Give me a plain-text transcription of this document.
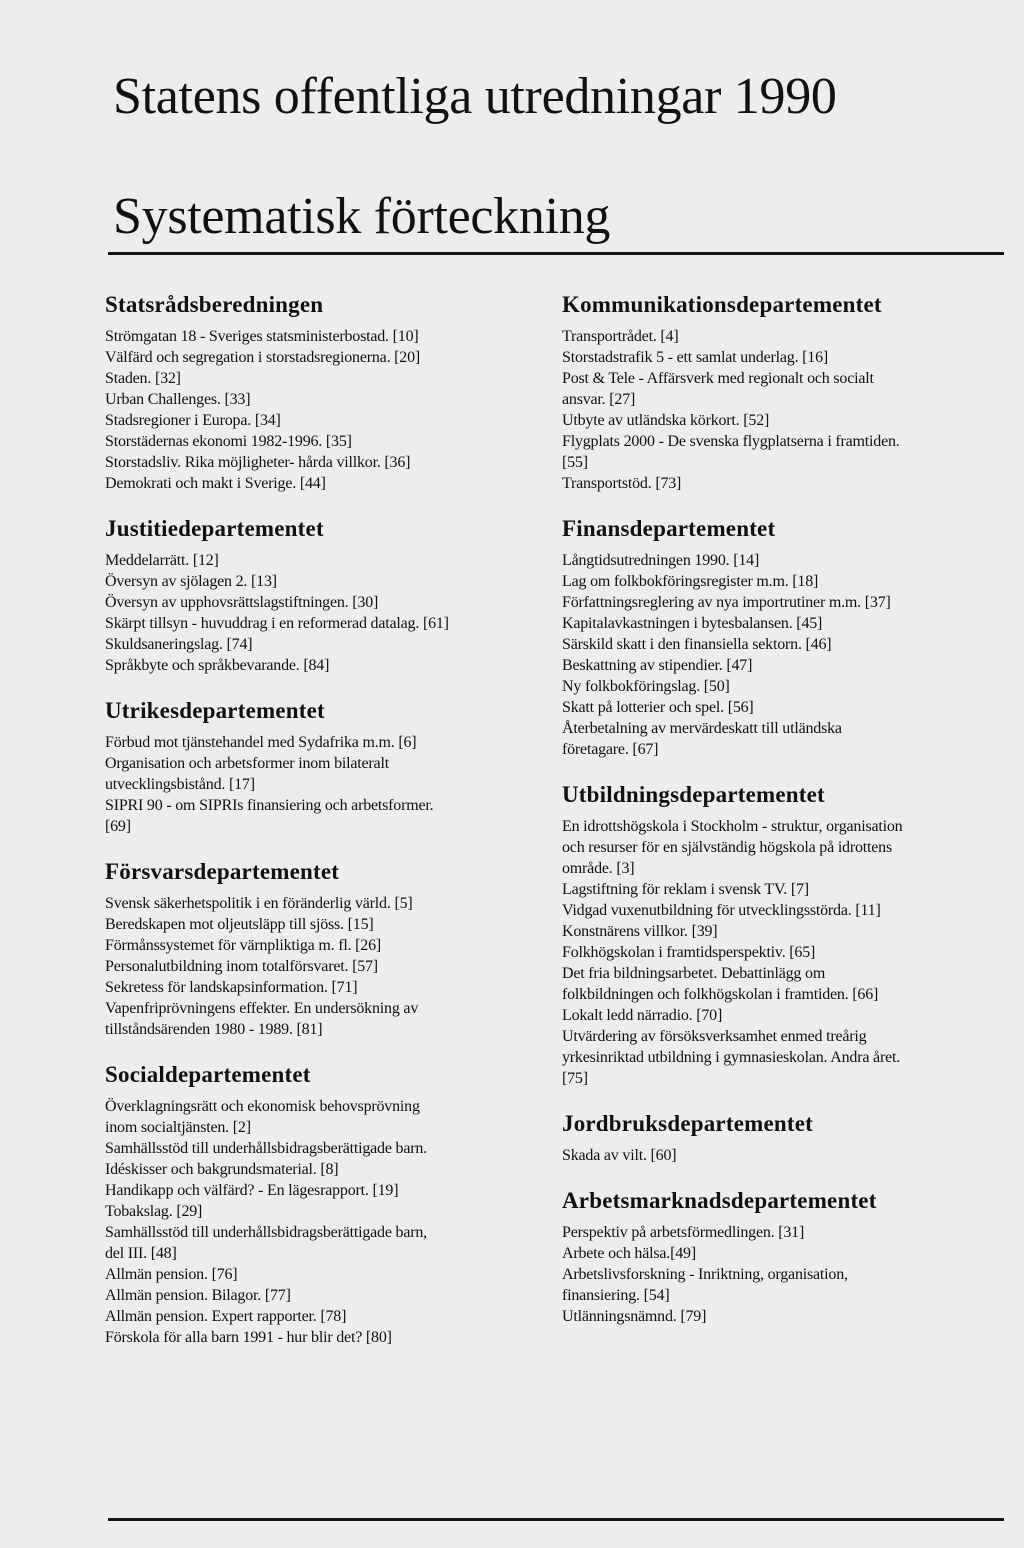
Statens offentliga utredningar 1990
Systematisk förteckning
Statsrådsberedningen
Strömgatan 18 - Sveriges statsministerbostad. [10]
Välfärd och segregation i storstadsregionerna. [20]
Staden. [32]
Urban Challenges. [33]
Stadsregioner i Europa. [34]
Storstädernas ekonomi 1982-1996. [35]
Storstadsliv. Rika möjligheter- hårda villkor. [36]
Demokrati och makt i Sverige. [44]
Justitiedepartementet
Meddelarrätt. [12]
Översyn av sjölagen 2. [13]
Översyn av upphovsrättslagstiftningen. [30]
Skärpt tillsyn - huvuddrag i en reformerad datalag. [61]
Skuldsaneringslag. [74]
Språkbyte och språkbevarande. [84]
Utrikesdepartementet
Förbud mot tjänstehandel med Sydafrika m.m. [6]
Organisation och arbetsformer inom bilateralt
utvecklingsbistånd. [17]
SIPRI 90 - om SIPRIs finansiering och arbetsformer.
[69]
Försvarsdepartementet
Svensk säkerhetspolitik i en föränderlig värld. [5]
Beredskapen mot oljeutsläpp till sjöss. [15]
Förmånssystemet för värnpliktiga m. fl. [26]
Personalutbildning inom totalförsvaret. [57]
Sekretess för landskapsinformation. [71]
Vapenfriprövningens effekter. En undersökning av
tillståndsärenden 1980 - 1989. [81]
Socialdepartementet
Överklagningsrätt och ekonomisk behovsprövning
inom socialtjänsten. [2]
Samhällsstöd till underhållsbidragsberättigade barn.
Idéskisser och bakgrundsmaterial. [8]
Handikapp och välfärd? - En lägesrapport. [19]
Tobakslag. [29]
Samhällsstöd till underhållsbidragsberättigade barn,
del III. [48]
Allmän pension. [76]
Allmän pension. Bilagor. [77]
Allmän pension. Expert rapporter. [78]
Förskola för alla barn 1991 - hur blir det? [80]
Kommunikationsdepartementet
Transportrådet. [4]
Storstadstrafik 5 - ett samlat underlag. [16]
Post & Tele - Affärsverk med regionalt och socialt
ansvar. [27]
Utbyte av utländska körkort. [52]
Flygplats 2000 - De svenska flygplatserna i framtiden.
[55]
Transportstöd. [73]
Finansdepartementet
Långtidsutredningen 1990. [14]
Lag om folkbokföringsregister m.m. [18]
Författningsreglering av nya importrutiner m.m. [37]
Kapitalavkastningen i bytesbalansen. [45]
Särskild skatt i den finansiella sektorn. [46]
Beskattning av stipendier. [47]
Ny folkbokföringslag. [50]
Skatt på lotterier och spel. [56]
Återbetalning av mervärdeskatt till utländska
företagare. [67]
Utbildningsdepartementet
En idrottshögskola i Stockholm - struktur, organisation
och resurser för en självständig högskola på idrottens
område. [3]
Lagstiftning för reklam i svensk TV. [7]
Vidgad vuxenutbildning för utvecklingsstörda. [11]
Konstnärens villkor. [39]
Folkhögskolan i framtidsperspektiv. [65]
Det fria bildningsarbetet. Debattinlägg om
folkbildningen och folkhögskolan i framtiden. [66]
Lokalt ledd närradio. [70]
Utvärdering av försöksverksamhet enmed treårig
yrkesinriktad utbildning i gymnasieskolan. Andra året.
[75]
Jordbruksdepartementet
Skada av vilt. [60]
Arbetsmarknadsdepartementet
Perspektiv på arbetsförmedlingen. [31]
Arbete och hälsa.[49]
Arbetslivsforskning - Inriktning, organisation,
finansiering. [54]
Utlänningsnämnd. [79]
